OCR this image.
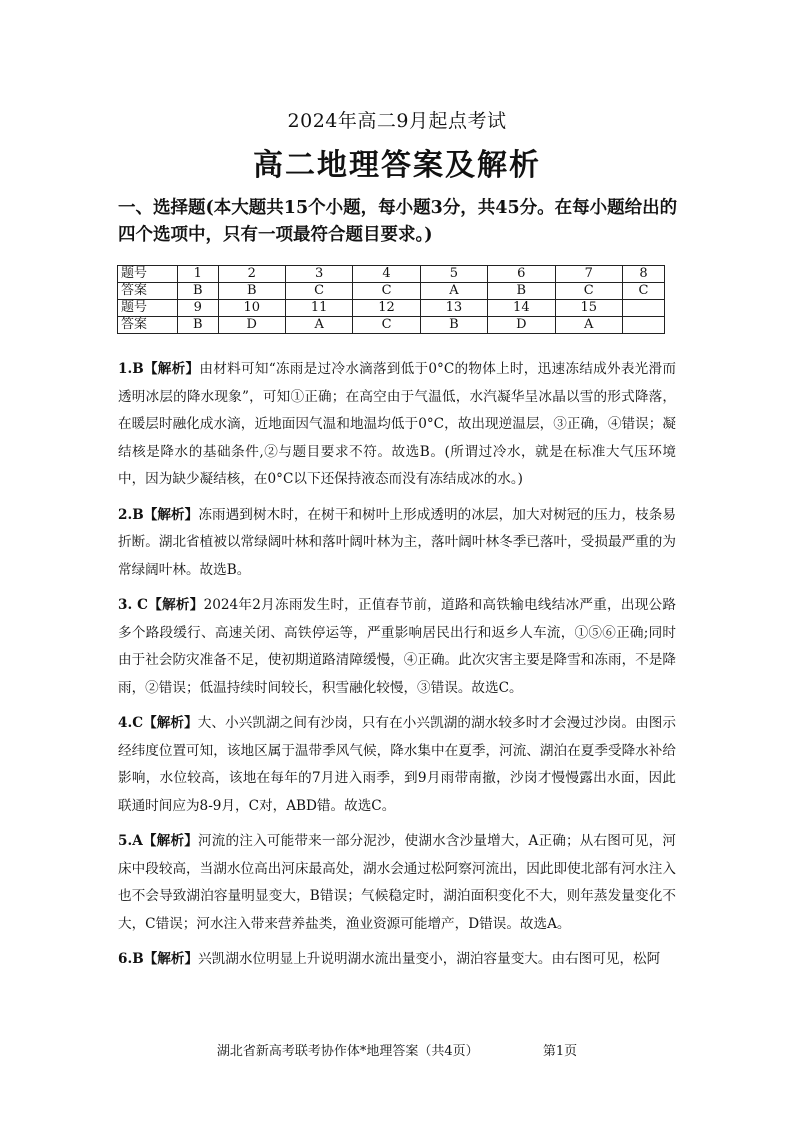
2024年高二9月起点考试
高二地理答案及解析
一、选择题(本大题共15个小题，每小题3分，共45分。在每小题给出的四个选项中，只有一项最符合题目要求。)
题号	1	2	3	4	5	6	7	8
答案	B	B	C	C	A	B	C	C
题号	9	10	11	12	13	14	15	
答案	B	D	A	C	B	D	A	

1.B【解析】由材料可知“冻雨是过冷水滴落到低于0°C的物体上时，迅速冻结成外表光滑而透明冰层的降水现象”，可知①正确；在高空由于气温低，水汽凝华呈冰晶以雪的形式降落，在暖层时融化成水滴，近地面因气温和地温均低于0°C，故出现逆温层，③正确，④错误；凝结核是降水的基础条件,②与题目要求不符。故选B。(所谓过冷水，就是在标准大气压环境中，因为缺少凝结核，在0°C以下还保持液态而没有冻结成冰的水。)

2.B【解析】冻雨遇到树木时，在树干和树叶上形成透明的冰层，加大对树冠的压力，枝条易折断。湖北省植被以常绿阔叶林和落叶阔叶林为主，落叶阔叶林冬季已落叶，受损最严重的为常绿阔叶林。故选B。

3. C【解析】2024年2月冻雨发生时，正值春节前，道路和高铁输电线结冰严重，出现公路多个路段缓行、高速关闭、高铁停运等，严重影响居民出行和返乡人车流，①⑤⑥正确;同时由于社会防灾准备不足，使初期道路清障缓慢，④正确。此次灾害主要是降雪和冻雨，不是降雨，②错误；低温持续时间较长，积雪融化较慢，③错误。故选C。

4.C【解析】大、小兴凯湖之间有沙岗，只有在小兴凯湖的湖水较多时才会漫过沙岗。由图示经纬度位置可知，该地区属于温带季风气候，降水集中在夏季，河流、湖泊在夏季受降水补给影响，水位较高，该地在每年的7月进入雨季，到9月雨带南撤，沙岗才慢慢露出水面，因此联通时间应为8-9月，C对，ABD错。故选C。

5.A【解析】河流的注入可能带来一部分泥沙，使湖水含沙量增大，A正确；从右图可见，河床中段较高，当湖水位高出河床最高处，湖水会通过松阿察河流出，因此即使北部有河水注入也不会导致湖泊容量明显变大，B错误；气候稳定时，湖泊面积变化不大，则年蒸发量变化不大，C错误；河水注入带来营养盐类，渔业资源可能增产，D错误。故选A。

6.B【解析】兴凯湖水位明显上升说明湖水流出量变小，湖泊容量变大。由右图可见，松阿

湖北省新高考联考协作体*地理答案（共4页）	第1页
